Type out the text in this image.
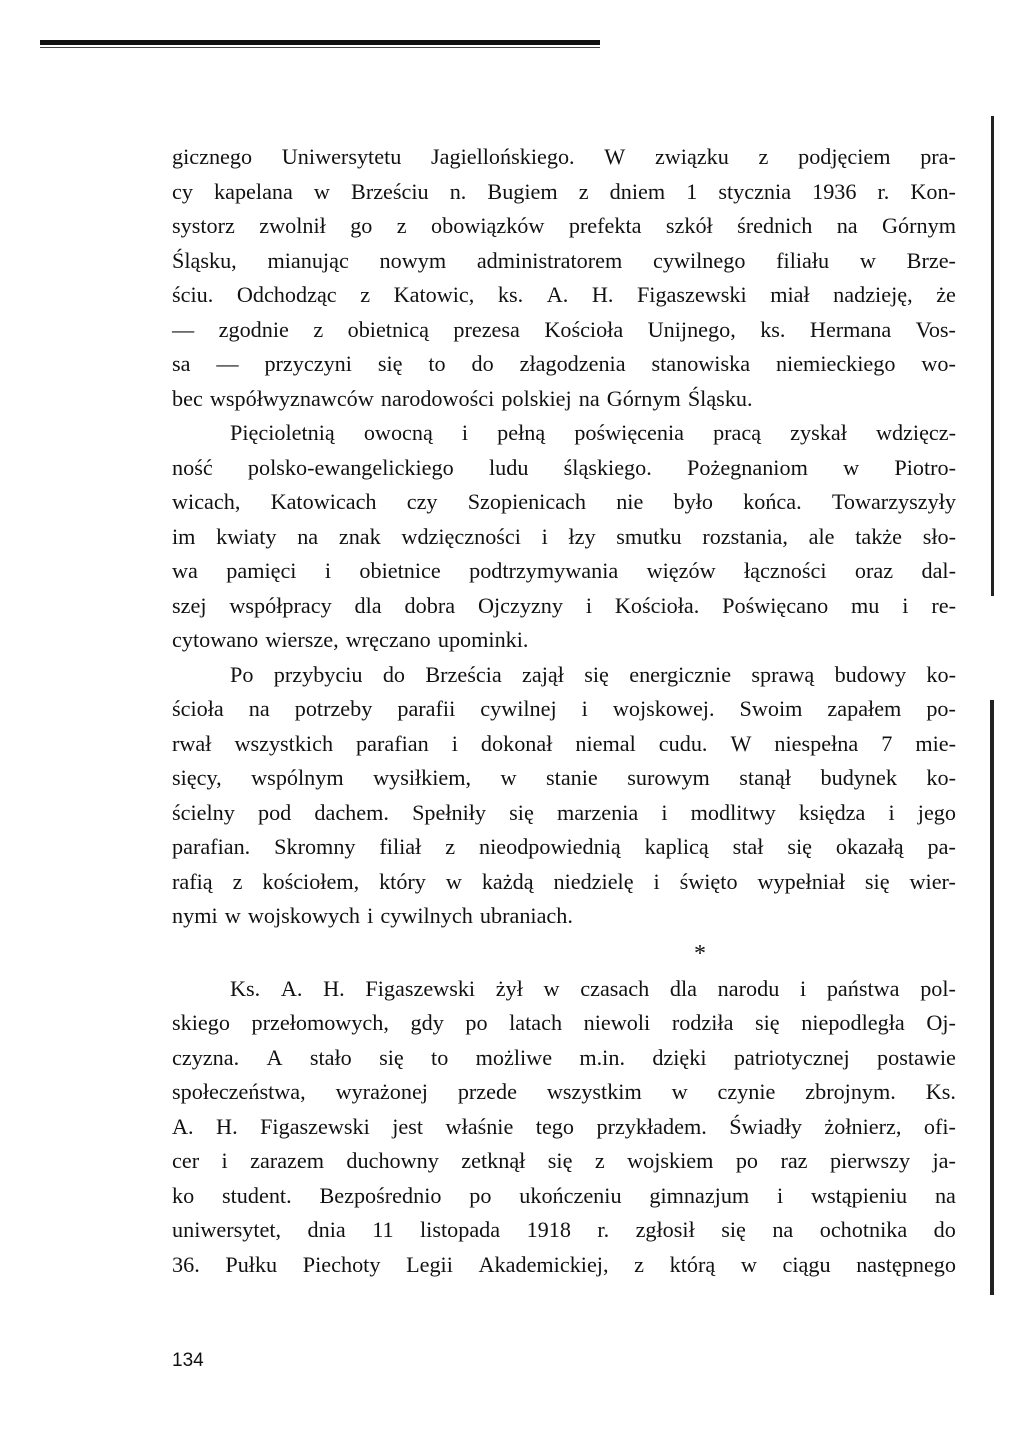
gicznego Uniwersytetu Jagiellońskiego. W związku z podjęciem pra-
cy kapelana w Brześciu n. Bugiem z dniem 1 stycznia 1936 r. Kon-
systorz zwolnił go z obowiązków prefekta szkół średnich na Górnym
Śląsku, mianując nowym administratorem cywilnego filiału w Brze-
ściu. Odchodząc z Katowic, ks. A. H. Figaszewski miał nadzieję, że
— zgodnie z obietnicą prezesa Kościoła Unijnego, ks. Hermana Vos-
sa — przyczyni się to do złagodzenia stanowiska niemieckiego wo-
bec współwyznawców narodowości polskiej na Górnym Śląsku.
Pięcioletnią owocną i pełną poświęcenia pracą zyskał wdzięcz-
ność polsko-ewangelickiego ludu śląskiego. Pożegnaniom w Piotro-
wicach, Katowicach czy Szopienicach nie było końca. Towarzyszyły
im kwiaty na znak wdzięczności i łzy smutku rozstania, ale także sło-
wa pamięci i obietnice podtrzymywania więzów łączności oraz dal-
szej współpracy dla dobra Ojczyzny i Kościoła. Poświęcano mu i re-
cytowano wiersze, wręczano upominki.
Po przybyciu do Brześcia zajął się energicznie sprawą budowy ko-
ścioła na potrzeby parafii cywilnej i wojskowej. Swoim zapałem po-
rwał wszystkich parafian i dokonał niemal cudu. W niespełna 7 mie-
sięcy, wspólnym wysiłkiem, w stanie surowym stanął budynek ko-
ścielny pod dachem. Spełniły się marzenia i modlitwy księdza i jego
parafian. Skromny filiał z nieodpowiednią kaplicą stał się okazałą pa-
rafią z kościołem, który w każdą niedzielę i święto wypełniał się wier-
nymi w wojskowych i cywilnych ubraniach.
*
Ks. A. H. Figaszewski żył w czasach dla narodu i państwa pol-
skiego przełomowych, gdy po latach niewoli rodziła się niepodległa Oj-
czyzna. A stało się to możliwe m.in. dzięki patriotycznej postawie
społeczeństwa, wyrażonej przede wszystkim w czynie zbrojnym. Ks.
A. H. Figaszewski jest właśnie tego przykładem. Świadły żołnierz, ofi-
cer i zarazem duchowny zetknął się z wojskiem po raz pierwszy ja-
ko student. Bezpośrednio po ukończeniu gimnazjum i wstąpieniu na
uniwersytet, dnia 11 listopada 1918 r. zgłosił się na ochotnika do
36. Pułku Piechoty Legii Akademickiej, z którą w ciągu następnego
134
